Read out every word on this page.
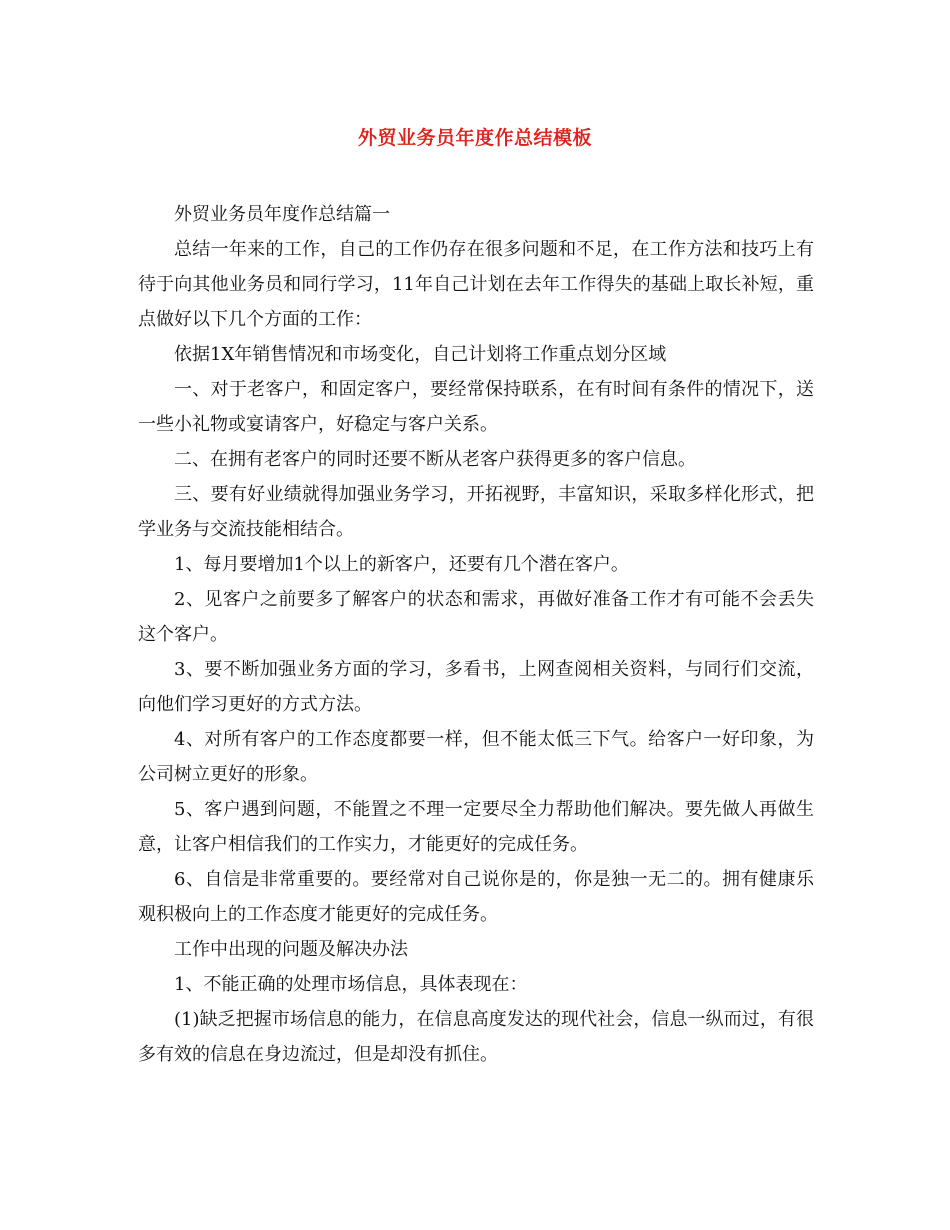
外贸业务员年度作总结模板

外贸业务员年度作总结篇一

总结一年来的工作，自己的工作仍存在很多问题和不足，在工作方法和技巧上有待于向其他业务员和同行学习，11年自己计划在去年工作得失的基础上取长补短，重点做好以下几个方面的工作：

依据1X年销售情况和市场变化，自己计划将工作重点划分区域

一、对于老客户，和固定客户，要经常保持联系，在有时间有条件的情况下，送一些小礼物或宴请客户，好稳定与客户关系。

二、在拥有老客户的同时还要不断从老客户获得更多的客户信息。

三、要有好业绩就得加强业务学习，开拓视野，丰富知识，采取多样化形式，把学业务与交流技能相结合。

1、每月要增加1个以上的新客户，还要有几个潜在客户。

2、见客户之前要多了解客户的状态和需求，再做好准备工作才有可能不会丢失这个客户。

3、要不断加强业务方面的学习，多看书，上网查阅相关资料，与同行们交流，向他们学习更好的方式方法。

4、对所有客户的工作态度都要一样，但不能太低三下气。给客户一好印象，为公司树立更好的形象。

5、客户遇到问题，不能置之不理一定要尽全力帮助他们解决。要先做人再做生意，让客户相信我们的工作实力，才能更好的完成任务。

6、自信是非常重要的。要经常对自己说你是的，你是独一无二的。拥有健康乐观积极向上的工作态度才能更好的完成任务。

工作中出现的问题及解决办法

1、不能正确的处理市场信息，具体表现在：

(1)缺乏把握市场信息的能力，在信息高度发达的现代社会，信息一纵而过，有很多有效的信息在身边流过，但是却没有抓住。
